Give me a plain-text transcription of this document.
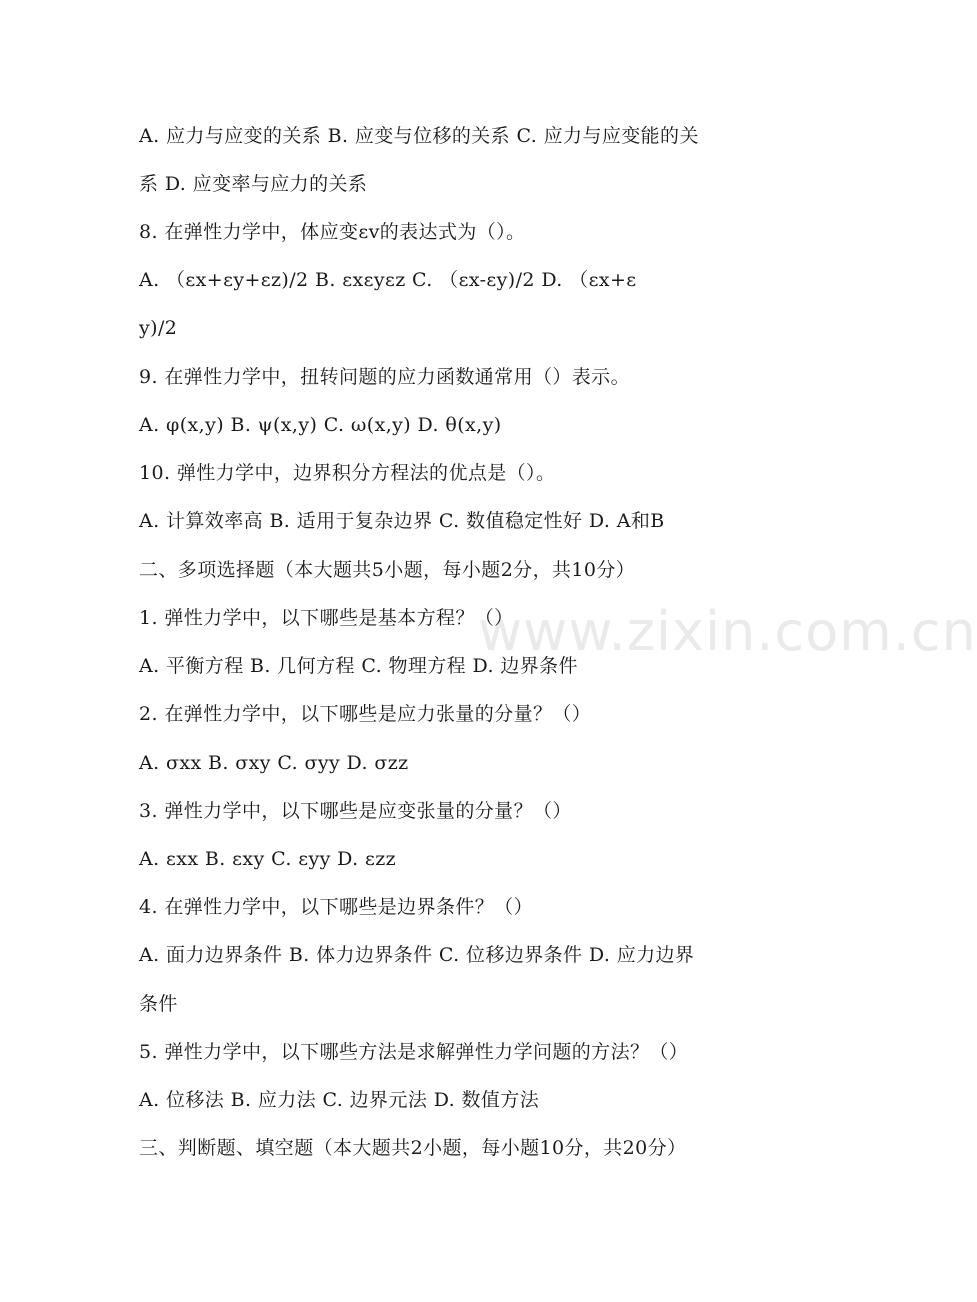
www.zixin.com.cn
A. 应力与应变的关系 B. 应变与位移的关系 C. 应力与应变能的关
系 D. 应变率与应力的关系
8. 在弹性力学中，体应变εv的表达式为（）。
A. （εx+εy+εz)/2 B. εxεyεz C. （εx-εy)/2 D. （εx+ε
y)/2
9. 在弹性力学中，扭转问题的应力函数通常用（）表示。
A. φ(x,y) B. ψ(x,y) C. ω(x,y) D. θ(x,y)
10. 弹性力学中，边界积分方程法的优点是（）。
A. 计算效率高 B. 适用于复杂边界 C. 数值稳定性好 D. A和B
二、多项选择题（本大题共5小题，每小题2分，共10分）
1. 弹性力学中，以下哪些是基本方程？（）
A. 平衡方程 B. 几何方程 C. 物理方程 D. 边界条件
2. 在弹性力学中，以下哪些是应力张量的分量？（）
A. σxx B. σxy C. σyy D. σzz
3. 弹性力学中，以下哪些是应变张量的分量？（）
A. εxx B. εxy C. εyy D. εzz
4. 在弹性力学中，以下哪些是边界条件？（）
A. 面力边界条件 B. 体力边界条件 C. 位移边界条件 D. 应力边界
条件
5. 弹性力学中，以下哪些方法是求解弹性力学问题的方法？（）
A. 位移法 B. 应力法 C. 边界元法 D. 数值方法
三、判断题、填空题（本大题共2小题，每小题10分，共20分）
